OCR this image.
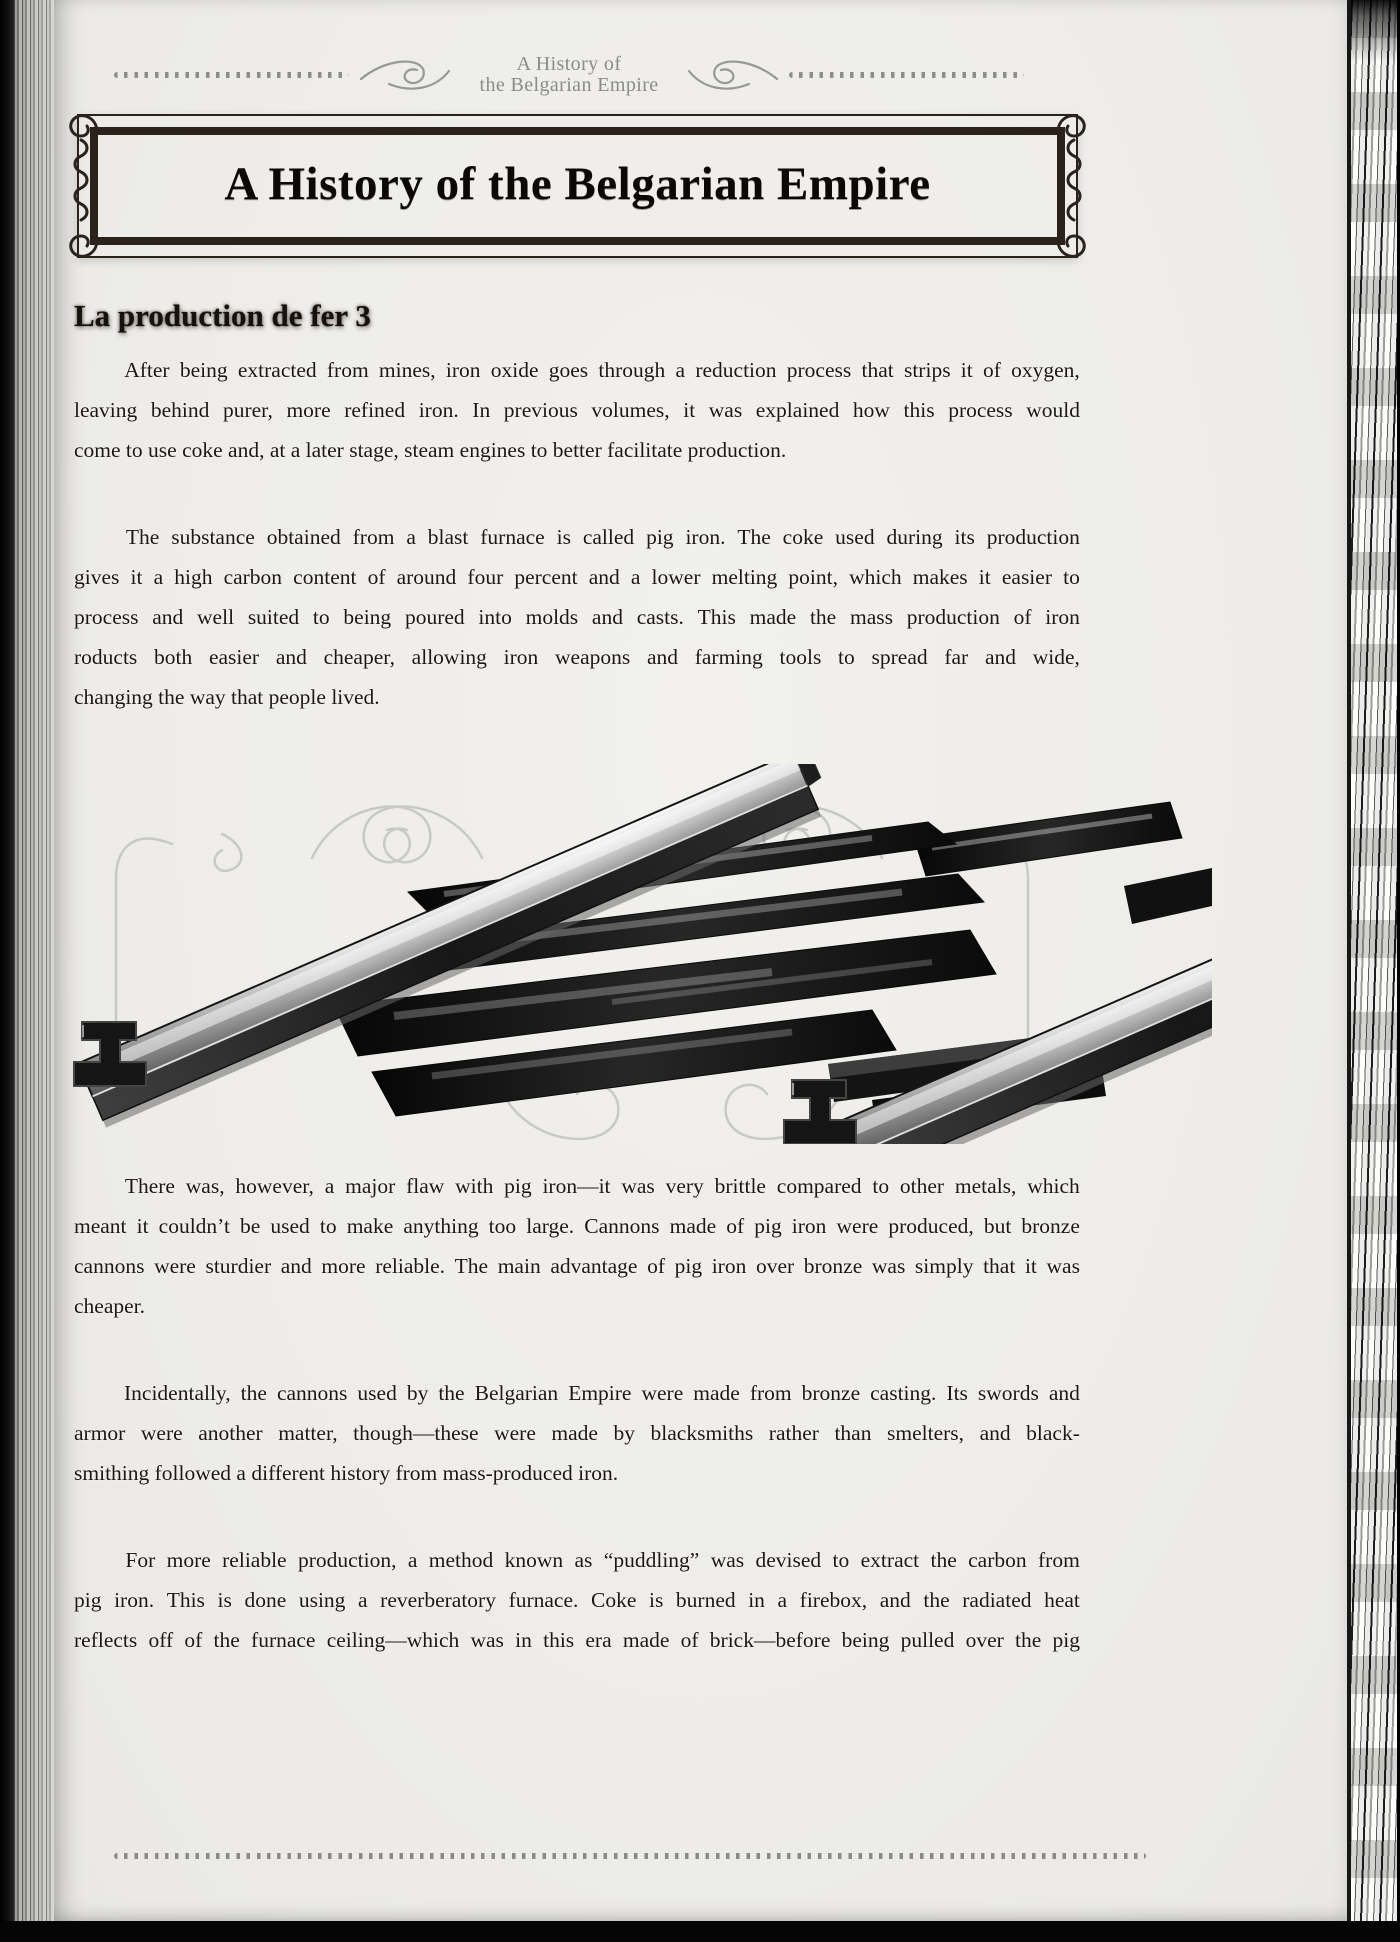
A History of
the Belgarian Empire
A History of the Belgarian Empire
La production de fer 3
After being extracted from mines, iron oxide goes through a reduction process that strips it of oxygen,
leaving behind purer, more refined iron. In previous volumes, it was explained how this process would
come to use coke and, at a later stage, steam engines to better facilitate production.
The substance obtained from a blast furnace is called pig iron. The coke used during its production
gives it a high carbon content of around four percent and a lower melting point, which makes it easier to
process and well suited to being poured into molds and casts. This made the mass production of iron
roducts both easier and cheaper, allowing iron weapons and farming tools to spread far and wide,
changing the way that people lived.
There was, however, a major flaw with pig iron—it was very brittle compared to other metals, which
meant it couldn’t be used to make anything too large. Cannons made of pig iron were produced, but bronze
cannons were sturdier and more reliable. The main advantage of pig iron over bronze was simply that it was
cheaper.
Incidentally, the cannons used by the Belgarian Empire were made from bronze casting. Its swords and
armor were another matter, though—these were made by blacksmiths rather than smelters, and black-
smithing followed a different history from mass-produced iron.
For more reliable production, a method known as “puddling” was devised to extract the carbon from
pig iron. This is done using a reverberatory furnace. Coke is burned in a firebox, and the radiated heat
reflects off of the furnace ceiling—which was in this era made of brick—before being pulled over the pig
